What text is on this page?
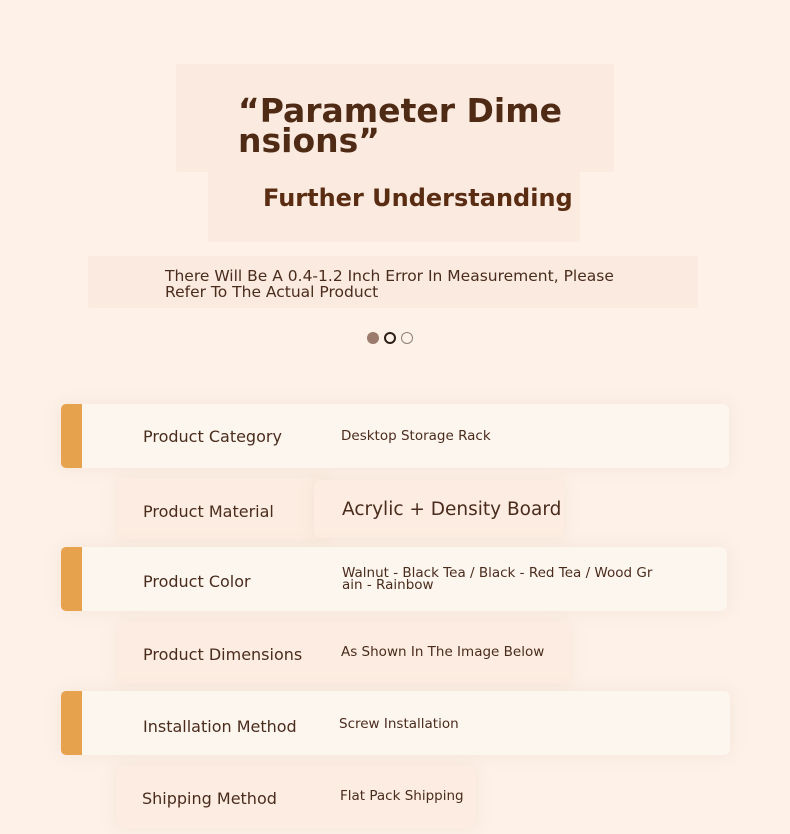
“Parameter Dimensions”
Further Understanding

There Will Be A 0.4-1.2 Inch Error In Measurement, Please Refer To The Actual Product

Product Category	Desktop Storage Rack
Product Material	Acrylic + Density Board
Product Color	Walnut - Black Tea / Black - Red Tea / Wood Grain - Rainbow
Product Dimensions	As Shown In The Image Below
Installation Method	Screw Installation
Shipping Method	Flat Pack Shipping
